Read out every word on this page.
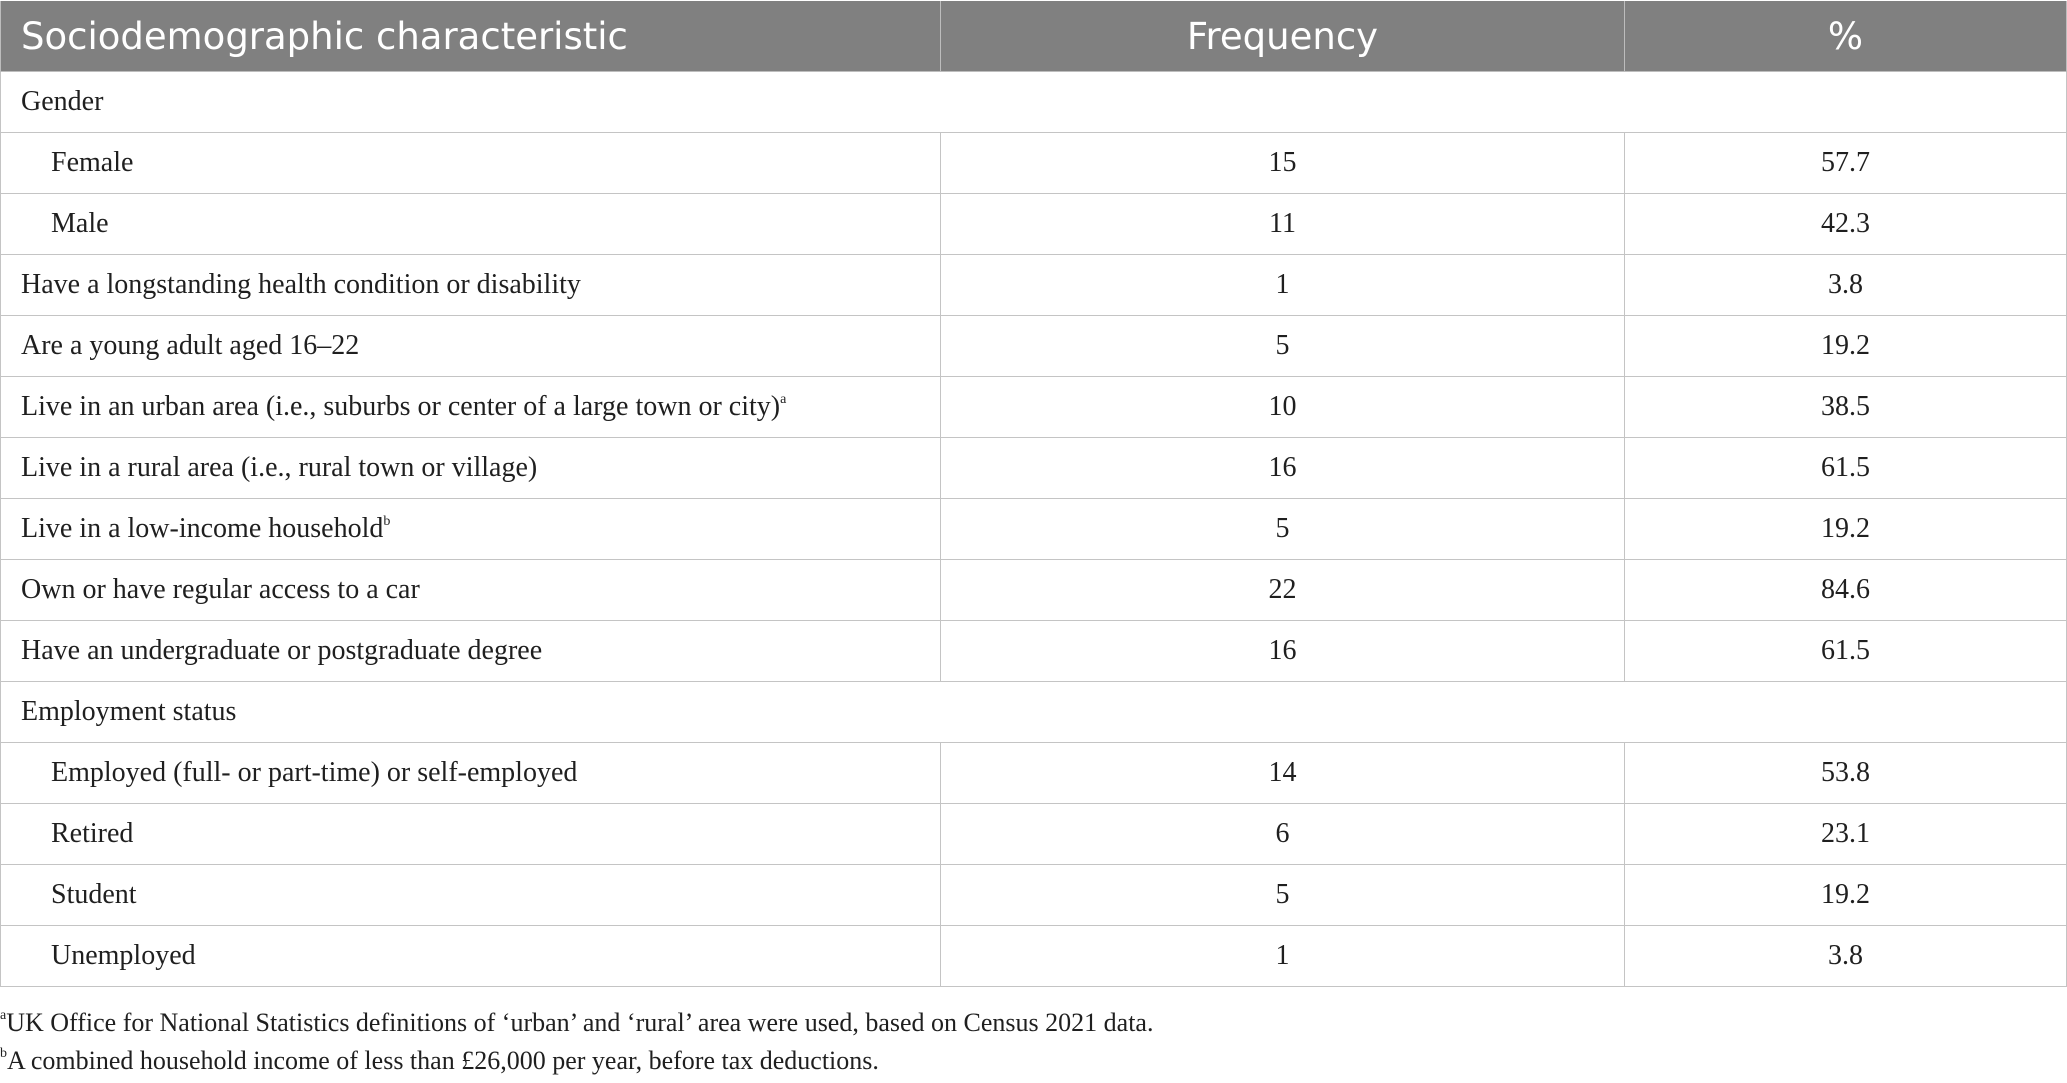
Sociodemographic characteristic	Frequency	%
Gender		
Female	15	57.7
Male	11	42.3
Have a longstanding health condition or disability	1	3.8
Are a young adult aged 16–22	5	19.2
Live in an urban area (i.e., suburbs or center of a large town or city)$^a$	10	38.5
Live in a rural area (i.e., rural town or village)	16	61.5
Live in a low-income household$^b$	5	19.2
Own or have regular access to a car	22	84.6
Have an undergraduate or postgraduate degree	16	61.5
Employment status		
Employed (full- or part-time) or self-employed	14	53.8
Retired	6	23.1
Student	5	19.2
Unemployed	1	3.8

$^a$UK Office for National Statistics definitions of ‘urban’ and ‘rural’ area were used, based on Census 2021 data.

$^b$A combined household income of less than £26,000 per year, before tax deductions.
